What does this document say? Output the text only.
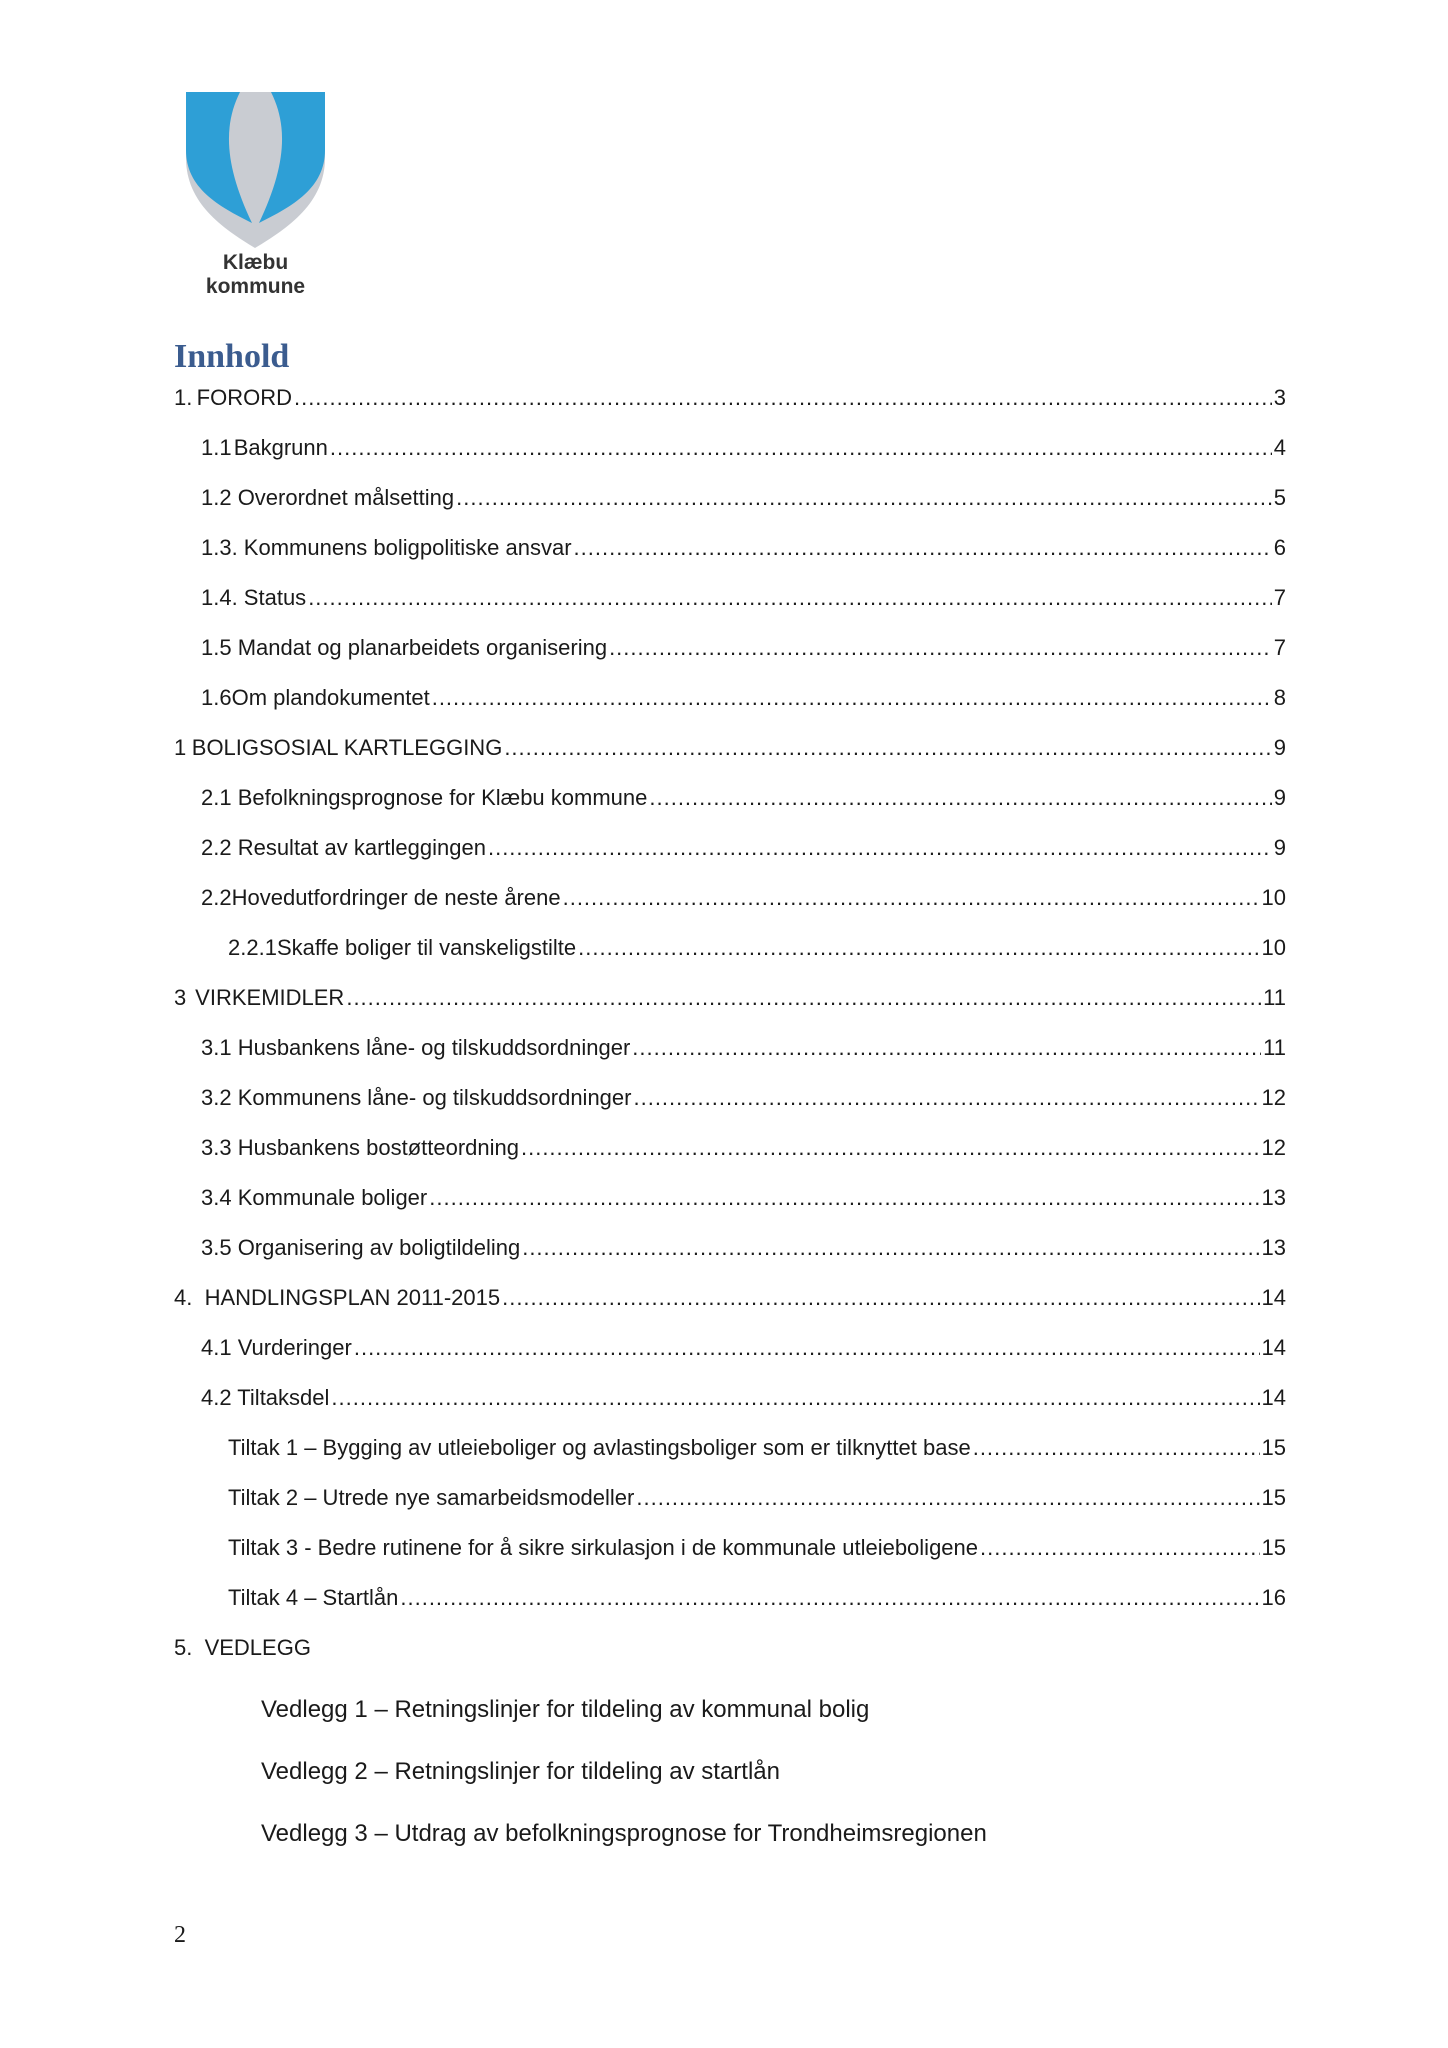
Klæbu
kommune
Innhold
1. FORORD .....	3
1.1 Bakgrunn .....	4
1.2 Overordnet målsetting .....	5
1.3. Kommunens boligpolitiske ansvar .....	6
1.4. Status .....	7
1.5 Mandat og planarbeidets organisering .....	7
1.6 Om plandokumentet .....	8
1 BOLIGSOSIAL KARTLEGGING .....	9
2.1 Befolkningsprognose for Klæbu kommune .....	9
2.2 Resultat av kartleggingen .....	9
2.2 Hovedutfordringer de neste årene .....	10
2.2.1 Skaffe boliger til vanskeligstilte .....	10
3 VIRKEMIDLER .....	11
3.1 Husbankens låne- og tilskuddsordninger .....	11
3.2 Kommunens låne- og tilskuddsordninger .....	12
3.3 Husbankens bostøtteordning .....	12
3.4 Kommunale boliger .....	13
3.5 Organisering av boligtildeling .....	13
4.  HANDLINGSPLAN 2011-2015 .....	14
4.1 Vurderinger .....	14
4.2 Tiltaksdel .....	14
Tiltak 1 – Bygging av utleieboliger og avlastingsboliger som er tilknyttet base .....	15
Tiltak 2 – Utrede nye samarbeidsmodeller .....	15
Tiltak 3 - Bedre rutinene for å sikre sirkulasjon i de kommunale utleieboligene .....	15
Tiltak 4 – Startlån .....	16
5.  VEDLEGG
Vedlegg 1 – Retningslinjer for tildeling av kommunal bolig
Vedlegg 2 – Retningslinjer for tildeling av startlån
Vedlegg 3 – Utdrag av befolkningsprognose for Trondheimsregionen
2
